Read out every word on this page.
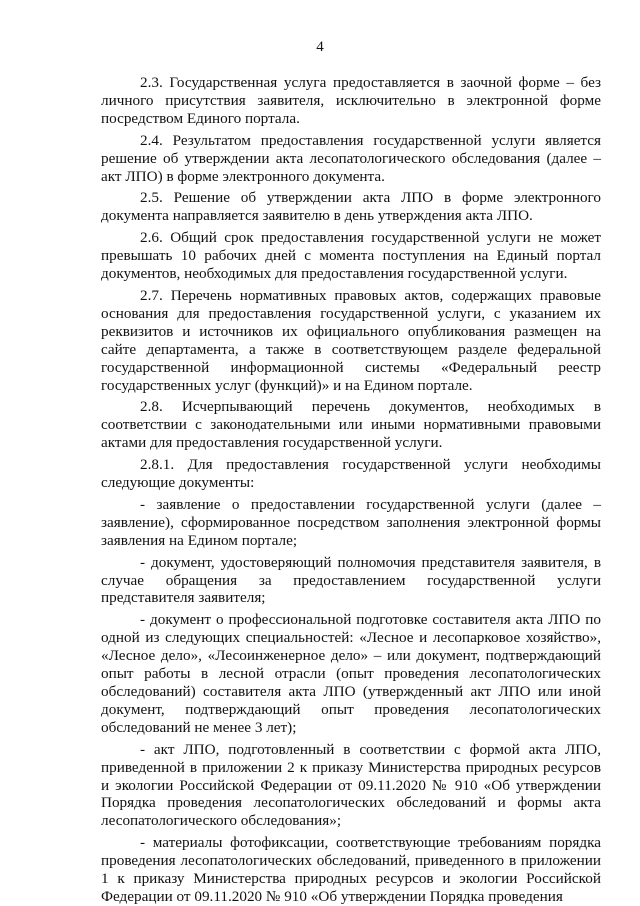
4

2.3. Государственная услуга предоставляется в заочной форме – без личного присутствия заявителя, исключительно в электронной форме посредством Единого портала.

2.4. Результатом предоставления государственной услуги является решение об утверждении акта лесопатологического обследования (далее – акт ЛПО) в форме электронного документа.

2.5. Решение об утверждении акта ЛПО в форме электронного документа направляется заявителю в день утверждения акта ЛПО.

2.6. Общий срок предоставления государственной услуги не может превышать 10 рабочих дней с момента поступления на Единый портал документов, необходимых для предоставления государственной услуги.

2.7. Перечень нормативных правовых актов, содержащих правовые основания для предоставления государственной услуги, с указанием их реквизитов и источников их официального опубликования размещен на сайте департамента, а также в соответствующем разделе федеральной государственной информационной системы «Федеральный реестр государственных услуг (функций)» и на Едином портале.

2.8. Исчерпывающий перечень документов, необходимых в соответствии с законодательными или иными нормативными правовыми актами для предоставления государственной услуги.

2.8.1. Для предоставления государственной услуги необходимы следующие документы:

- заявление о предоставлении государственной услуги (далее – заявление), сформированное посредством заполнения электронной формы заявления на Едином портале;

- документ, удостоверяющий полномочия представителя заявителя, в случае обращения за предоставлением государственной услуги представителя заявителя;

- документ о профессиональной подготовке составителя акта ЛПО по одной из следующих специальностей: «Лесное и лесопарковое хозяйство», «Лесное дело», «Лесоинженерное дело» – или документ, подтверждающий опыт работы в лесной отрасли (опыт проведения лесопатологических обследований) составителя акта ЛПО (утвержденный акт ЛПО или иной документ, подтверждающий опыт проведения лесопатологических обследований не менее 3 лет);

- акт ЛПО, подготовленный в соответствии с формой акта ЛПО, приведенной в приложении 2 к приказу Министерства природных ресурсов и экологии Российской Федерации от 09.11.2020 № 910 «Об утверждении Порядка проведения лесопатологических обследований и формы акта лесопатологического обследования»;

- материалы фотофиксации, соответствующие требованиям порядка проведения лесопатологических обследований, приведенного в приложении 1 к приказу Министерства природных ресурсов и экологии Российской Федерации от 09.11.2020 № 910 «Об утверждении Порядка проведения
